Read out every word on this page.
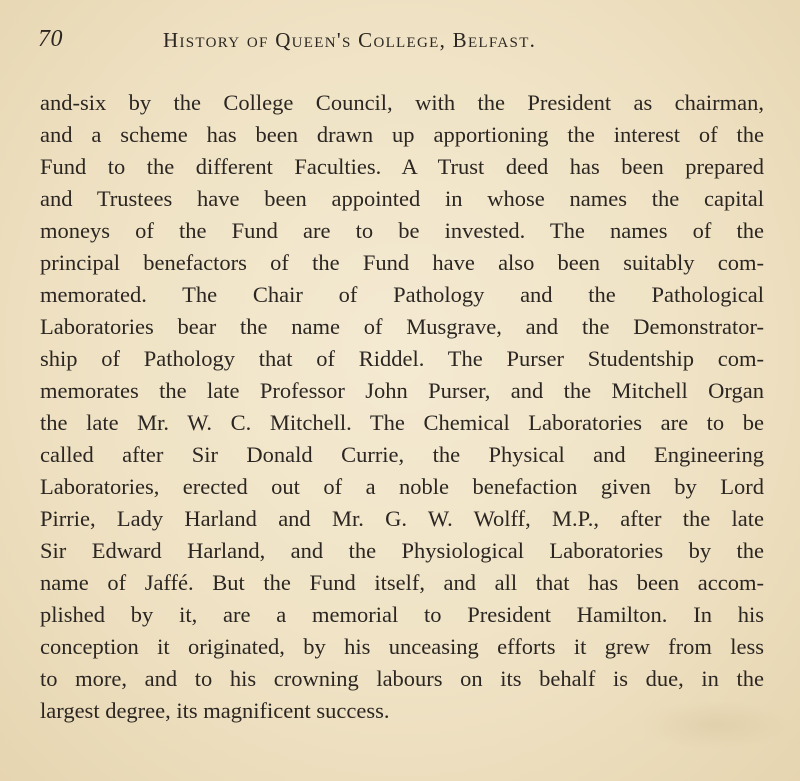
70	History of Queen's College, Belfast.
and-six by the College Council, with the President as chairman,
and a scheme has been drawn up apportioning the interest of the
Fund to the different Faculties. A Trust deed has been prepared
and Trustees have been appointed in whose names the capital
moneys of the Fund are to be invested. The names of the
principal benefactors of the Fund have also been suitably com-
memorated. The Chair of Pathology and the Pathological
Laboratories bear the name of Musgrave, and the Demonstrator-
ship of Pathology that of Riddel. The Purser Studentship com-
memorates the late Professor John Purser, and the Mitchell Organ
the late Mr. W. C. Mitchell. The Chemical Laboratories are to be
called after Sir Donald Currie, the Physical and Engineering
Laboratories, erected out of a noble benefaction given by Lord
Pirrie, Lady Harland and Mr. G. W. Wolff, M.P., after the late
Sir Edward Harland, and the Physiological Laboratories by the
name of Jaffé. But the Fund itself, and all that has been accom-
plished by it, are a memorial to President Hamilton. In his
conception it originated, by his unceasing efforts it grew from less
to more, and to his crowning labours on its behalf is due, in the
largest degree, its magnificent success.
